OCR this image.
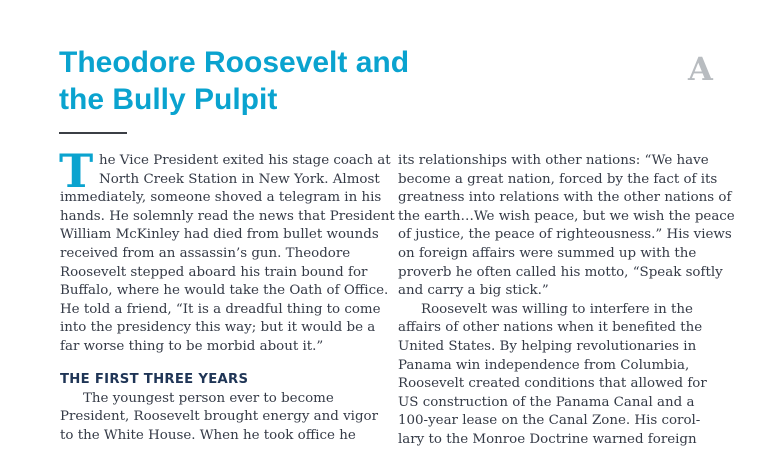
Theodore Roosevelt and
the Bully Pulpit
A
T he Vice President exited his stage coach at
North Creek Station in New York. Almost
immediately, someone shoved a telegram in his
hands. He solemnly read the news that President
William McKinley had died from bullet wounds
received from an assassin’s gun. Theodore
Roosevelt stepped aboard his train bound for
Buffalo, where he would take the Oath of Office.
He told a friend, “It is a dreadful thing to come
into the presidency this way; but it would be a
far worse thing to be morbid about it.”
THE FIRST THREE YEARS
The youngest person ever to become
President, Roosevelt brought energy and vigor
to the White House. When he took office he
its relationships with other nations: “We have
become a great nation, forced by the fact of its
greatness into relations with the other nations of
the earth…We wish peace, but we wish the peace
of justice, the peace of righteousness.” His views
on foreign affairs were summed up with the
proverb he often called his motto, “Speak softly
and carry a big stick.”
Roosevelt was willing to interfere in the
affairs of other nations when it benefited the
United States. By helping revolutionaries in
Panama win independence from Columbia,
Roosevelt created conditions that allowed for
US construction of the Panama Canal and a
100-year lease on the Canal Zone. His corol-
lary to the Monroe Doctrine warned foreign
